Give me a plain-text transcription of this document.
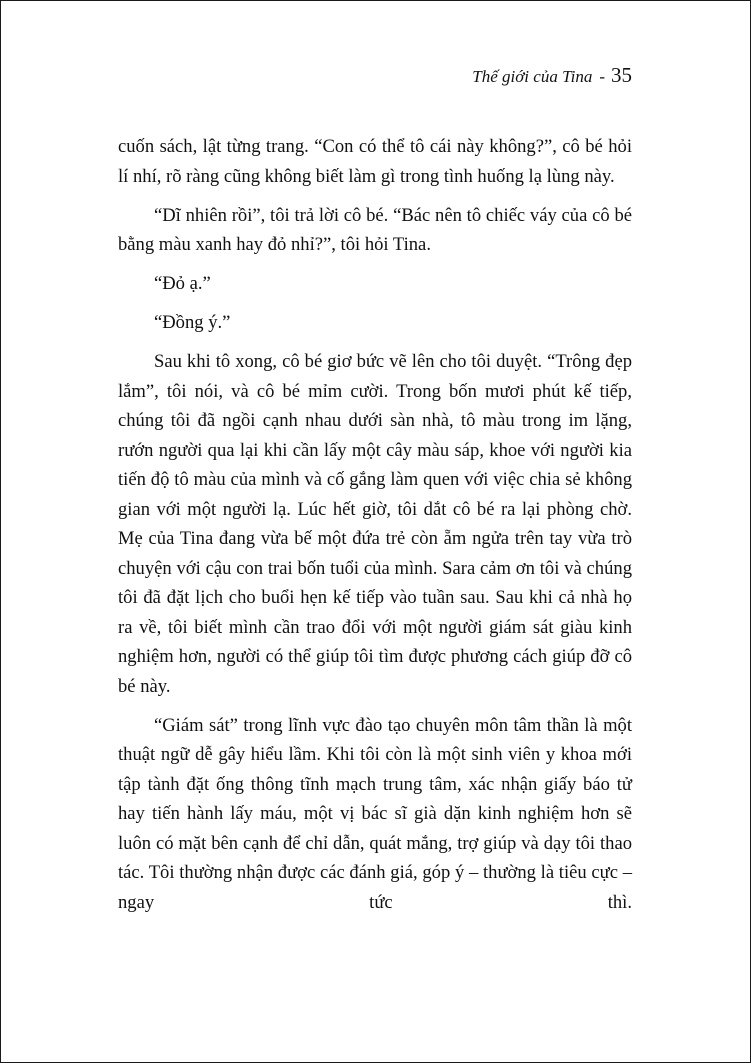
Thế giới của Tina - 35

cuốn sách, lật từng trang. “Con có thể tô cái này không?”, cô bé hỏi lí nhí, rõ ràng cũng không biết làm gì trong tình huống lạ lùng này.

“Dĩ nhiên rồi”, tôi trả lời cô bé. “Bác nên tô chiếc váy của cô bé bằng màu xanh hay đỏ nhỉ?”, tôi hỏi Tina.

“Đỏ ạ.”

“Đồng ý.”

Sau khi tô xong, cô bé giơ bức vẽ lên cho tôi duyệt. “Trông đẹp lắm”, tôi nói, và cô bé mỉm cười. Trong bốn mươi phút kế tiếp, chúng tôi đã ngồi cạnh nhau dưới sàn nhà, tô màu trong im lặng, rướn người qua lại khi cần lấy một cây màu sáp, khoe với người kia tiến độ tô màu của mình và cố gắng làm quen với việc chia sẻ không gian với một người lạ. Lúc hết giờ, tôi dắt cô bé ra lại phòng chờ. Mẹ của Tina đang vừa bế một đứa trẻ còn ẵm ngửa trên tay vừa trò chuyện với cậu con trai bốn tuổi của mình. Sara cảm ơn tôi và chúng tôi đã đặt lịch cho buổi hẹn kế tiếp vào tuần sau. Sau khi cả nhà họ ra về, tôi biết mình cần trao đổi với một người giám sát giàu kinh nghiệm hơn, người có thể giúp tôi tìm được phương cách giúp đỡ cô bé này.

“Giám sát” trong lĩnh vực đào tạo chuyên môn tâm thần là một thuật ngữ dễ gây hiểu lầm. Khi tôi còn là một sinh viên y khoa mới tập tành đặt ống thông tĩnh mạch trung tâm, xác nhận giấy báo tử hay tiến hành lấy máu, một vị bác sĩ già dặn kinh nghiệm hơn sẽ luôn có mặt bên cạnh để chỉ dẫn, quát mắng, trợ giúp và dạy tôi thao tác. Tôi thường nhận được các đánh giá, góp ý – thường là tiêu cực – ngay tức thì.
